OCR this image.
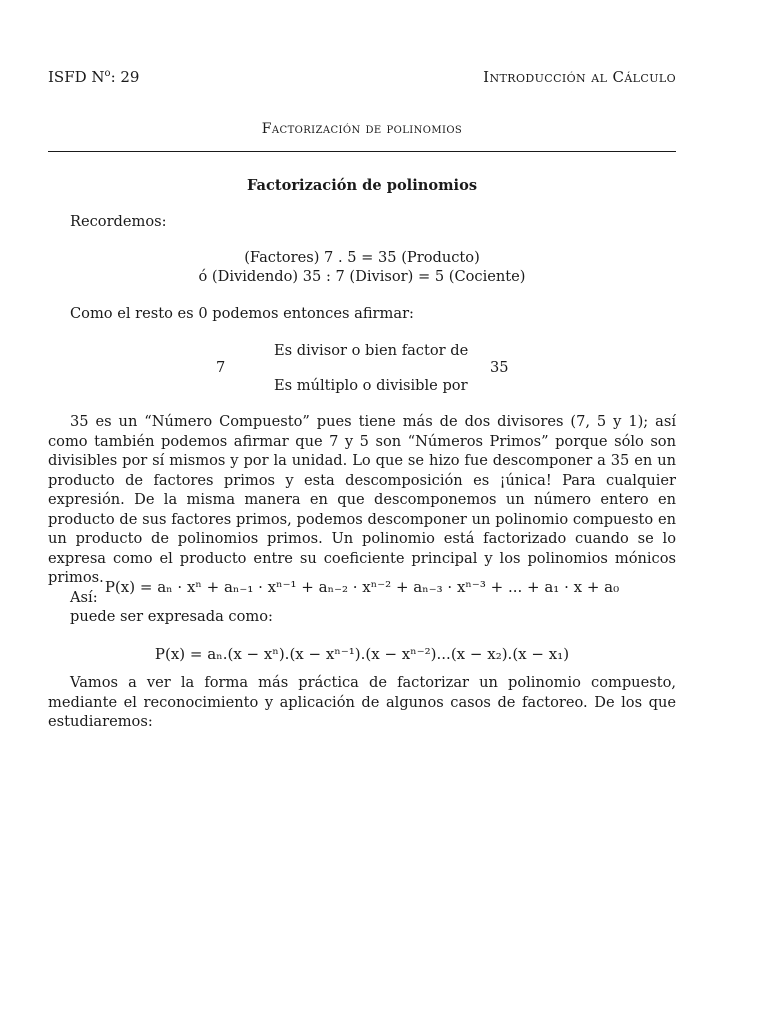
ISFD $N^o$: 29	Introducción al Cálculo
Factorización de polinomios
Factorización de polinomios
Recordemos:
(Factores) 7 . 5 = 35 (Producto)
ó (Dividendo) 35 : 7 (Divisor) = 5 (Cociente)
Como el resto es 0 podemos entonces afirmar:
Es divisor o bien factor de
7	35
Es múltiplo o divisible por

35 es un “Número Compuesto” pues tiene más de dos divisores (7, 5 y 1); así como también podemos afirmar que 7 y 5 son “Números Primos” porque sólo son divisibles por sí mismos y por la unidad. Lo que se hizo fue descomponer a 35 en un producto de factores primos y esta descomposición es ¡única! Para cualquier expresión. De la misma manera en que descomponemos un número entero en producto de sus factores primos, podemos descomponer un polinomio compuesto en un producto de polinomios primos. Un polinomio está factorizado cuando se lo expresa como el producto entre su coeficiente principal y los polinomios mónicos primos.

Así:

P(x) = aₙ · xⁿ + aₙ₋₁ · xⁿ⁻¹ + aₙ₋₂ · xⁿ⁻² + aₙ₋₃ · xⁿ⁻³ + ... + a₁ · x + a₀
puede ser expresada como:
P(x) = aₙ.(x − xⁿ).(x − xⁿ⁻¹).(x − xⁿ⁻²)...(x − x₂).(x − x₁)

Vamos a ver la forma más práctica de factorizar un polinomio compuesto, mediante el reconocimiento y aplicación de algunos casos de factoreo. De los que estudiaremos:
